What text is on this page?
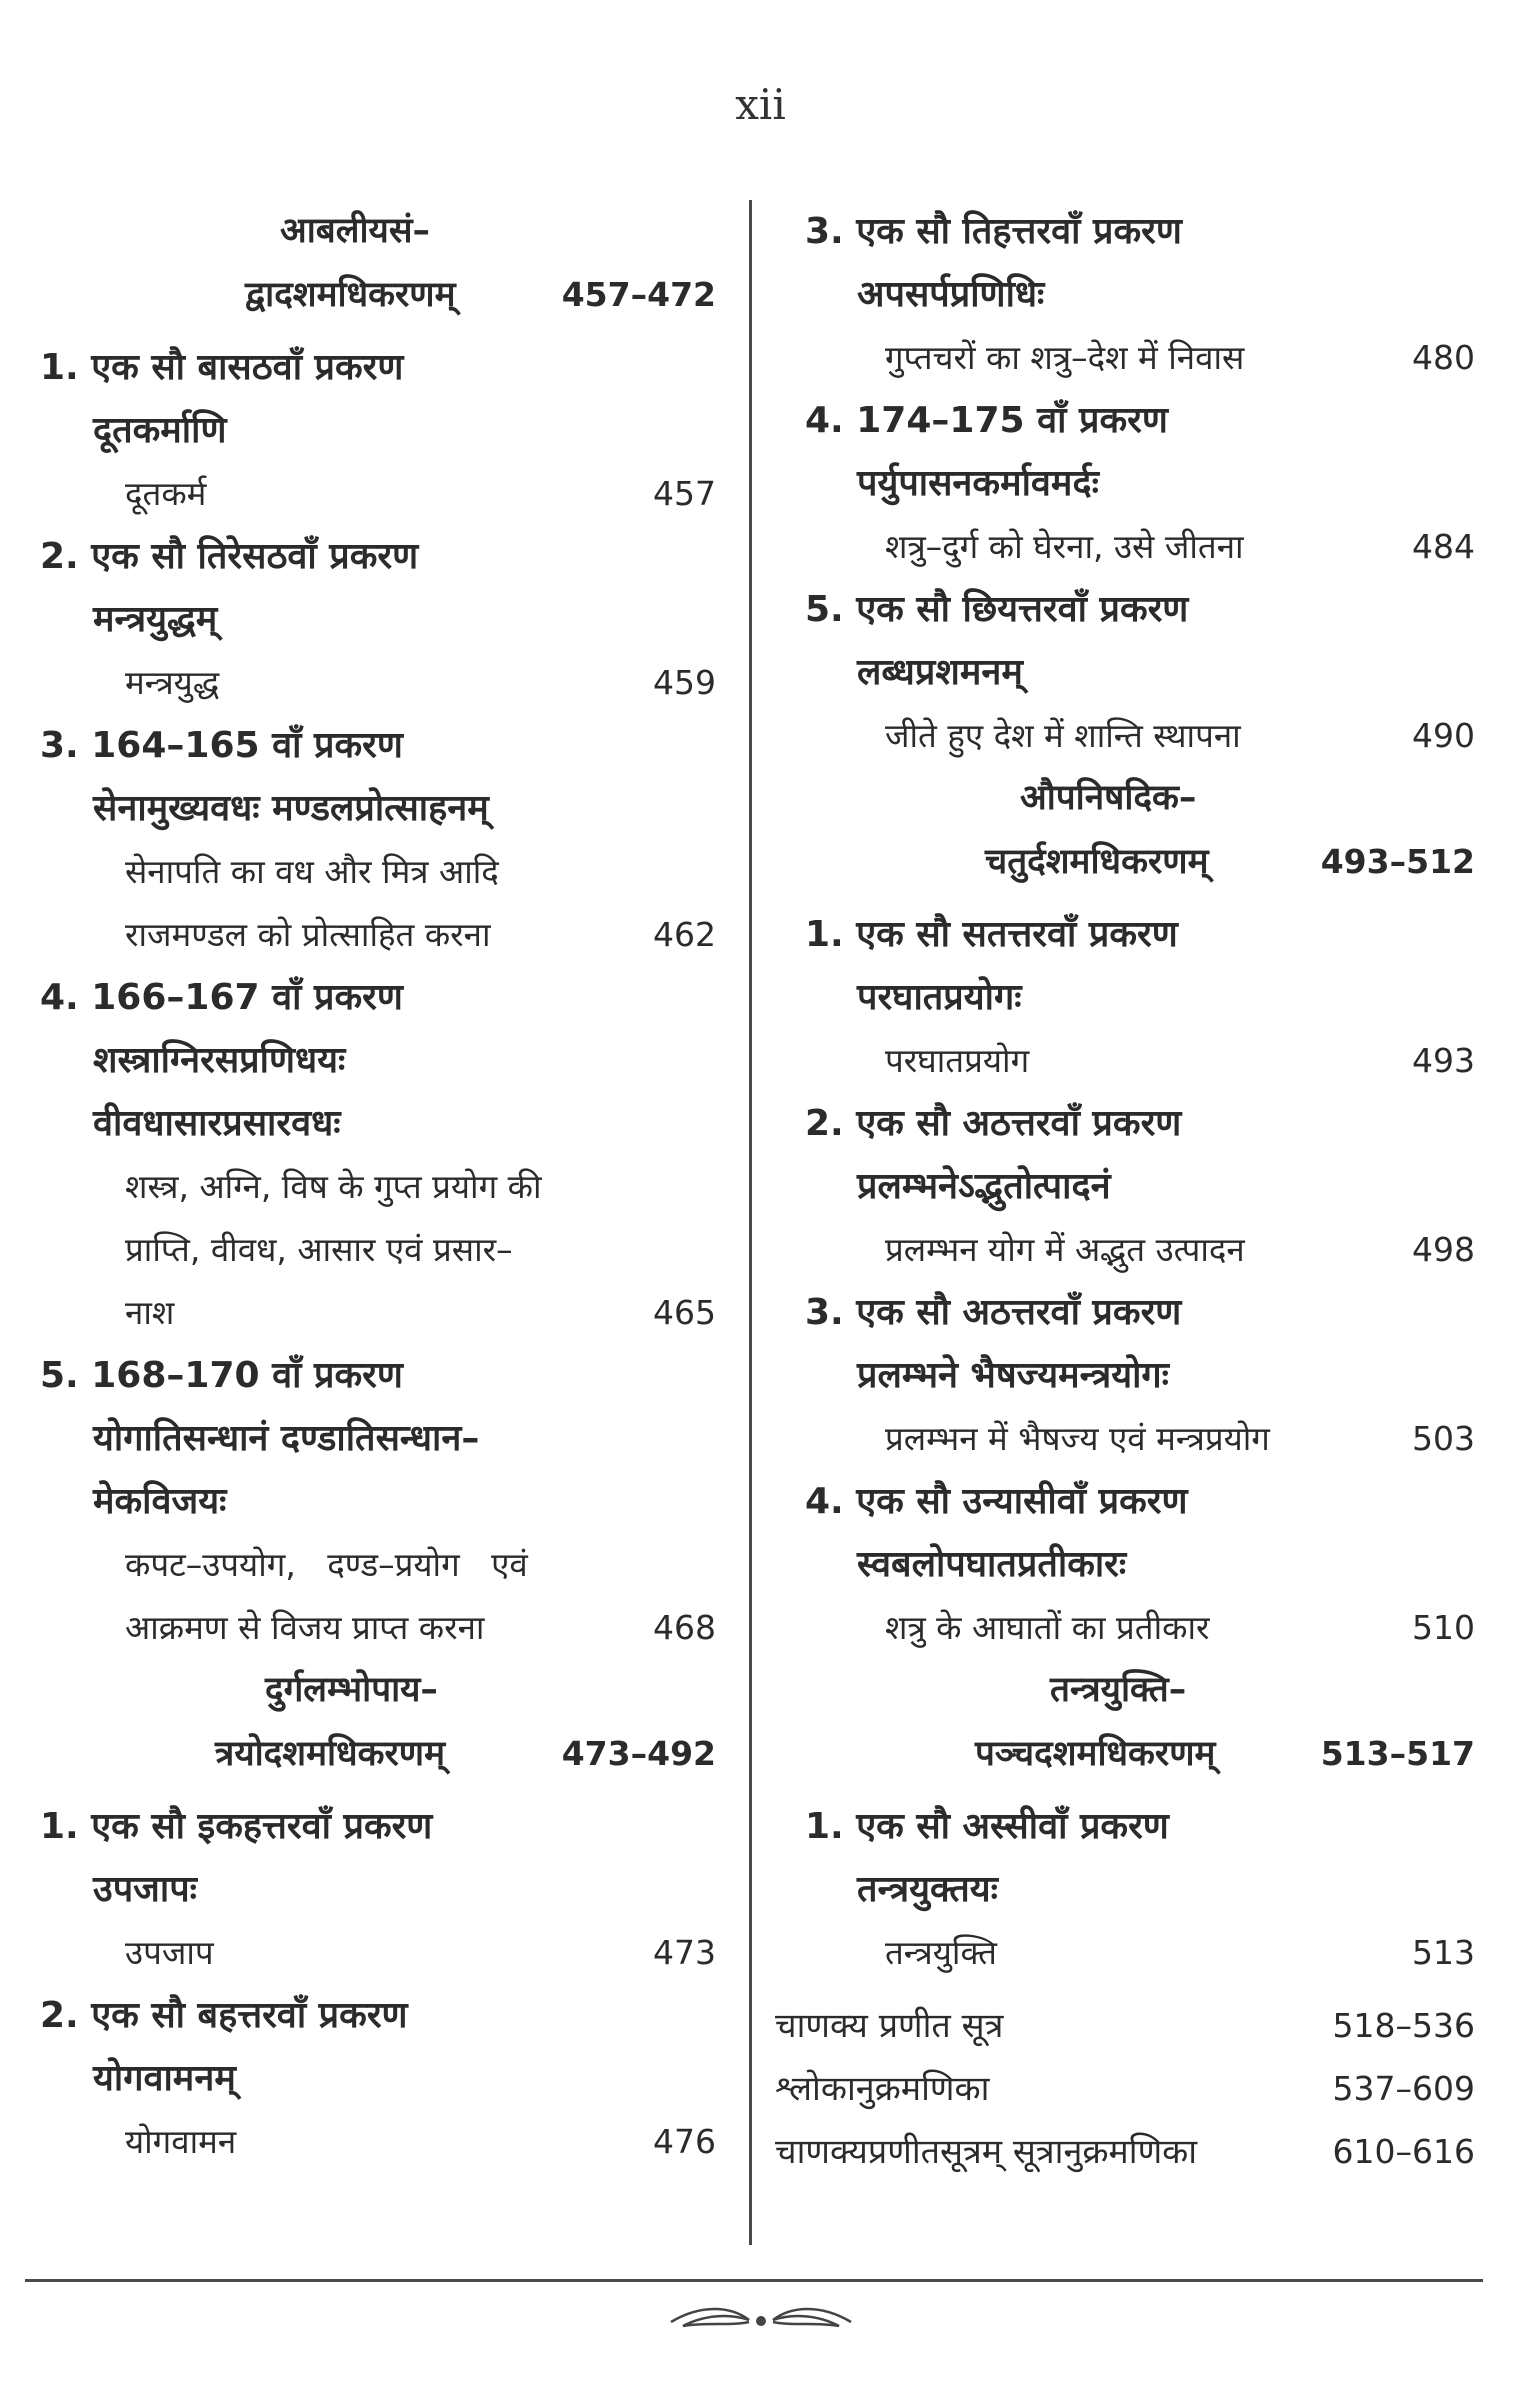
xii
आबलीयसं–
द्वादशमधिकरणम्	457–472
1. एक सौ बासठवाँ प्रकरण
दूतकर्माणि
दूतकर्म	457
2. एक सौ तिरेसठवाँ प्रकरण
मन्त्रयुद्धम्
मन्त्रयुद्ध	459
3. 164–165 वाँ प्रकरण
सेनामुख्यवधः मण्डलप्रोत्साहनम्
सेनापति का वध और मित्र आदि
राजमण्डल को प्रोत्साहित करना	462
4. 166–167 वाँ प्रकरण
शस्त्राग्निरसप्रणिधयः
वीवधासारप्रसारवधः
शस्त्र, अग्नि, विष के गुप्त प्रयोग की
प्राप्ति, वीवध, आसार एवं प्रसार–
नाश	465
5. 168–170 वाँ प्रकरण
योगातिसन्धानं दण्डातिसन्धान–
मेकविजयः
कपट–उपयोग,   दण्ड–प्रयोग   एवं
आक्रमण से विजय प्राप्त करना	468
दुर्गलम्भोपाय–
त्रयोदशमधिकरणम्	473–492
1. एक सौ इकहत्तरवाँ प्रकरण
उपजापः
उपजाप	473
2. एक सौ बहत्तरवाँ प्रकरण
योगवामनम्
योगवामन	476
3. एक सौ तिहत्तरवाँ प्रकरण
अपसर्पप्रणिधिः
गुप्तचरों का शत्रु–देश में निवास	480
4. 174–175 वाँ प्रकरण
पर्युपासनकर्मावमर्दः
शत्रु–दुर्ग को घेरना, उसे जीतना	484
5. एक सौ छियत्तरवाँ प्रकरण
लब्धप्रशमनम्
जीते हुए देश में शान्ति स्थापना	490
औपनिषदिक–
चतुर्दशमधिकरणम्	493–512
1. एक सौ सतत्तरवाँ प्रकरण
परघातप्रयोगः
परघातप्रयोग	493
2. एक सौ अठत्तरवाँ प्रकरण
प्रलम्भनेऽद्भुतोत्पादनं
प्रलम्भन योग में अद्भुत उत्पादन	498
3. एक सौ अठत्तरवाँ प्रकरण
प्रलम्भने भैषज्यमन्त्रयोगः
प्रलम्भन में भैषज्य एवं मन्त्रप्रयोग	503
4. एक सौ उन्यासीवाँ प्रकरण
स्वबलोपघातप्रतीकारः
शत्रु के आघातों का प्रतीकार	510
तन्त्रयुक्ति–
पञ्चदशमधिकरणम्	513–517
1. एक सौ अस्सीवाँ प्रकरण
तन्त्रयुक्तयः
तन्त्रयुक्ति	513
चाणक्य प्रणीत सूत्र	518–536
श्लोकानुक्रमणिका	537–609
चाणक्यप्रणीतसूत्रम् सूत्रानुक्रमणिका	610–616
